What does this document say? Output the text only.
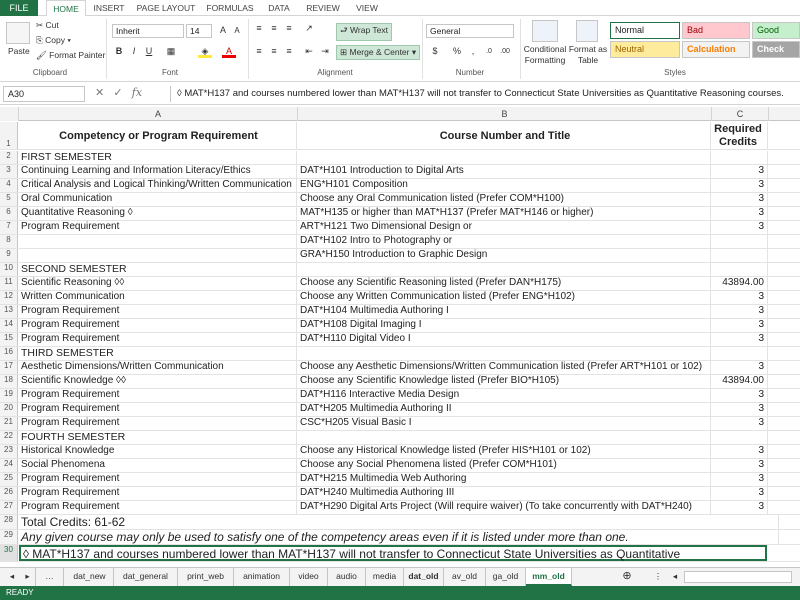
FILE	HOME	INSERT	PAGE LAYOUT	FORMULAS	DATA	REVIEW	VIEW
Paste
✂ Cut
⎘ Copy ▾
🖌 Format Painter
Clipboard
Inherit	14	A	A
B	I	U	▦	◈	A
Font
≡	≡	≡	↗
≡	≡	≡	⇤ ⇥
⮐ Wrap Text
⊞ Merge & Center ▾
Alignment
General
$	%	,	.0	.00
Number
Conditional Formatting
Format as Table
Normal	Bad	Good
Neutral	Calculation	Check Cell
Styles
A30	✕ ✓ fx	◊ MAT*H137 and courses numbered lower than MAT*H137 will not transfer to Connecticut State Universities as Quantitative Reasoning courses.
A	B	C
1
Competency or Program Requirement	Course Number and Title
Required
Credits
2 FIRST SEMESTER
3	Continuing Learning and Information Literacy/Ethics	DAT*H101 Introduction to Digital Arts	3
4	Critical Analysis and Logical Thinking/Written Communication ENG*H101 Composition	3
5	Oral Communication	Choose any Oral Communication listed (Prefer COM*H100)	3
6	Quantitative Reasoning ◊	MAT*H135 or higher than MAT*H137 (Prefer MAT*H146 or higher)	3
7	Program Requirement	ART*H121 Two Dimensional Design or	3
8	DAT*H102 Intro to Photography or
9	GRA*H150 Introduction to Graphic Design
10 SECOND SEMESTER
11 Scientific Reasoning ◊◊	Choose any Scientific Reasoning listed (Prefer DAN*H175)	43894.00
12 Written Communication	Choose any Written Communication listed (Prefer ENG*H102)	3
13 Program Requirement	DAT*H104 Multimedia Authoring I	3
14 Program Requirement	DAT*H108 Digital Imaging I	3
15 Program Requirement	DAT*H110 Digital Video I	3
16 THIRD SEMESTER
17 Aesthetic Dimensions/Written Communication	Choose any Aesthetic Dimensions/Written Communication listed (Prefer ART*H101 or 102)	3
18 Scientific Knowledge ◊◊	Choose any Scientific Knowledge listed (Prefer BIO*H105)	43894.00
19 Program Requirement	DAT*H116 Interactive Media Design	3
20 Program Requirement	DAT*H205 Multimedia Authoring II	3
21 Program Requirement	CSC*H205 Visual Basic I	3
22 FOURTH SEMESTER
23 Historical Knowledge	Choose any Historical Knowledge listed (Prefer HIS*H101 or 102)	3
24 Social Phenomena	Choose any Social Phenomena listed (Prefer COM*H101)	3
25 Program Requirement	DAT*H215 Multimedia Web Authoring	3
26 Program Requirement	DAT*H240 Multimedia Authoring III	3
27 Program Requirement	DAT*H290 Digital Arts Project (Will require waiver) (To take concurrently with DAT*H240)	3
28 Total Credits: 61-62
29 Any given course may only be used to satisfy one of the competency areas even if it is listed under more than one.
30 ◊ MAT*H137 and courses numbered lower than MAT*H137 will not transfer to Connecticut State Universities as Quantitative
◂	▸	…	dat_new	dat_general	print_web	animation	video	audio	media	dat_old	av_old	ga_old	mm_old	⊕	⋮	◂
READY
